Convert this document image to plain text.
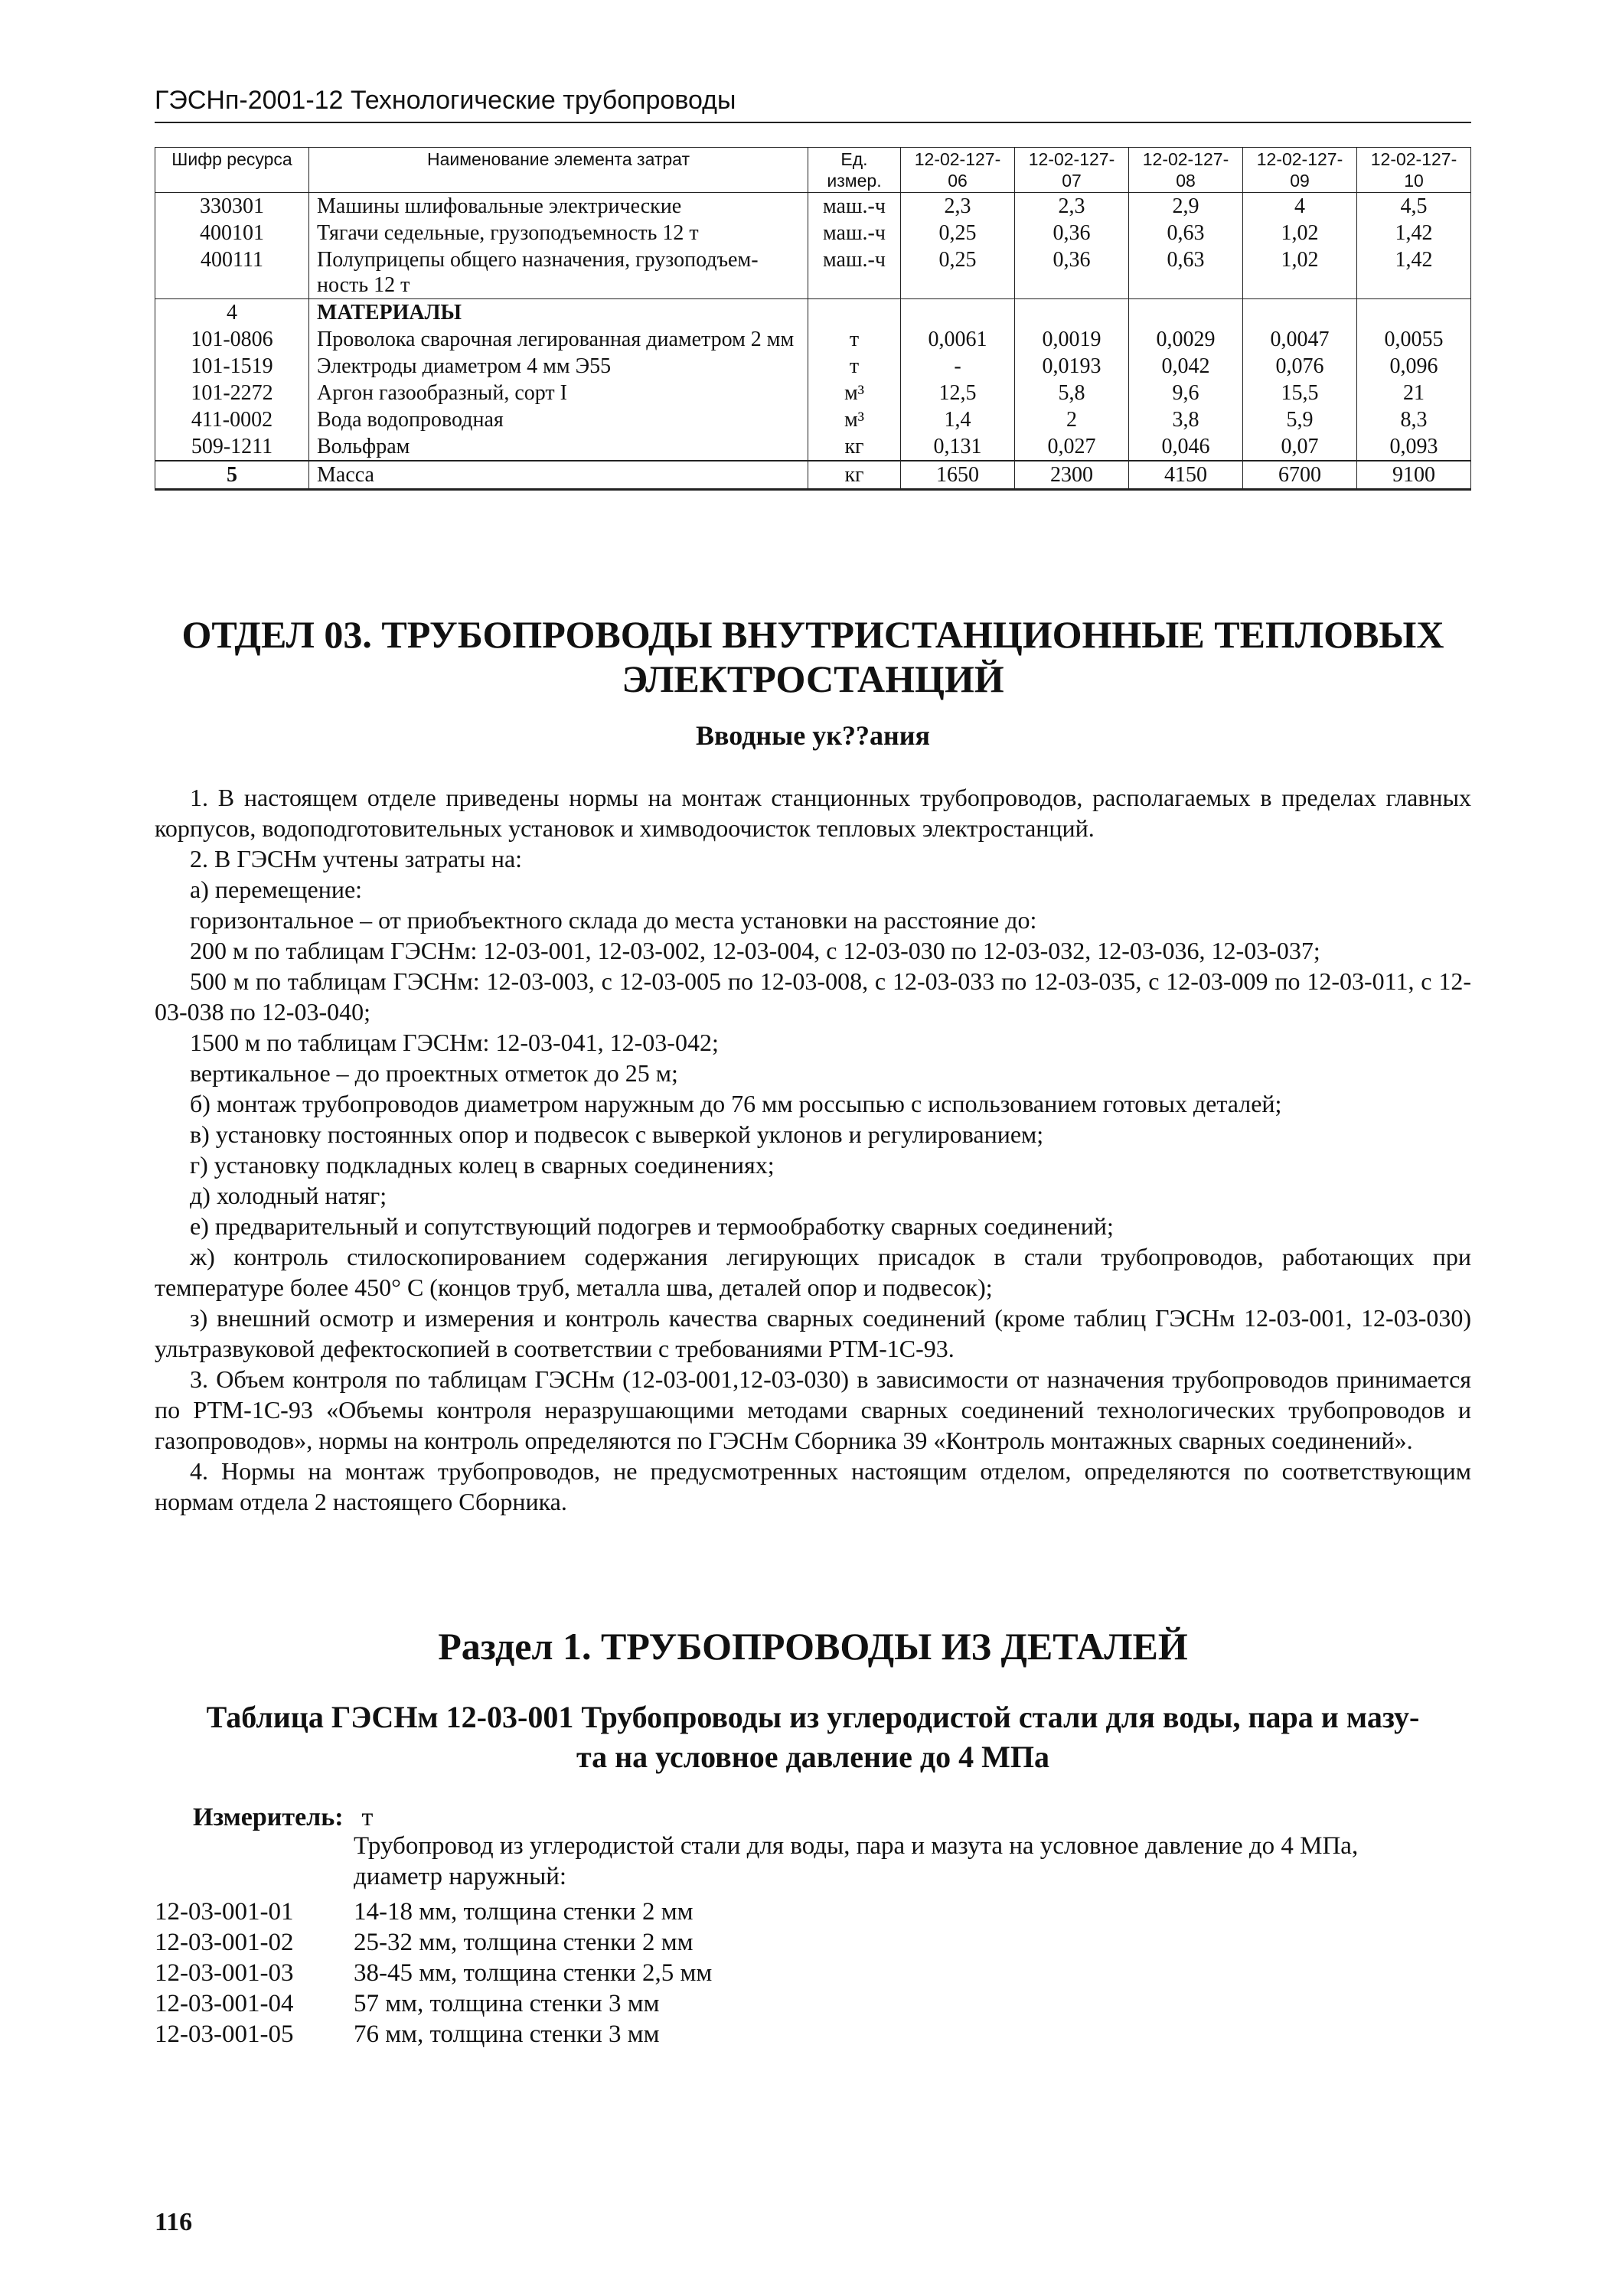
ГЭСНп-2001-12 Технологические трубопроводы
Шифр ресурса	Наименование элемента затрат	Ед. измер.	12-02-127-06	12-02-127-07	12-02-127-08	12-02-127-09	12-02-127-10
330301	Машины шлифовальные электрические	маш.-ч	2,3	2,3	2,9	4	4,5
400101	Тягачи седельные, грузоподъемность 12 т	маш.-ч	0,25	0,36	0,63	1,02	1,42
400111	Полуприцепы общего назначения, грузоподъем-ность 12 т	маш.-ч	0,25	0,36	0,63	1,02	1,42
4	МАТЕРИАЛЫ						
101-0806	Проволока сварочная легированная диаметром 2 мм	т	0,0061	0,0019	0,0029	0,0047	0,0055
101-1519	Электроды диаметром 4 мм Э55	т	-	0,0193	0,042	0,076	0,096
101-2272	Аргон газообразный, сорт I	м³	12,5	5,8	9,6	15,5	21
411-0002	Вода водопроводная	м³	1,4	2	3,8	5,9	8,3
509-1211	Вольфрам	кг	0,131	0,027	0,046	0,07	0,093
5	Масса	кг	1650	2300	4150	6700	9100
ОТДЕЛ 03. ТРУБОПРОВОДЫ ВНУТРИСТАНЦИОННЫЕ ТЕПЛОВЫХ
ЭЛЕКТРОСТАНЦИЙ
Вводные ук??ания

1. В настоящем отделе приведены нормы на монтаж станционных трубопроводов, располагаемых в пределах главных корпусов, водоподготовительных установок и химводоочисток тепловых электростанций.

2. В ГЭСНм учтены затраты на:

а) перемещение:

горизонтальное – от приобъектного склада до места установки на расстояние до:

200 м по таблицам ГЭСНм: 12-03-001, 12-03-002, 12-03-004, с 12-03-030 по 12-03-032, 12-03-036, 12-03-037;

500 м по таблицам ГЭСНм: 12-03-003, с 12-03-005 по 12-03-008, с 12-03-033 по 12-03-035, с 12-03-009 по 12-03-011, с 12-03-038 по 12-03-040;

1500 м по таблицам ГЭСНм: 12-03-041, 12-03-042;

вертикальное – до проектных отметок до 25 м;

б) монтаж трубопроводов диаметром наружным до 76 мм россыпью с использованием готовых деталей;

в) установку постоянных опор и подвесок с выверкой уклонов и регулированием;

г) установку подкладных колец в сварных соединениях;

д) холодный натяг;

е) предварительный и сопутствующий подогрев и термообработку сварных соединений;

ж) контроль стилоскопированием содержания легирующих присадок в стали трубопроводов, работающих при температуре более 450° С (концов труб, металла шва, деталей опор и подвесок);

з) внешний осмотр и измерения и контроль качества сварных соединений (кроме таблиц ГЭСНм 12-03-001, 12-03-030) ультразвуковой дефектоскопией в соответствии с требованиями РТМ-1С-93.

3. Объем контроля по таблицам ГЭСНм (12-03-001,12-03-030) в зависимости от назначения трубопроводов принимается по РТМ-1С-93 «Объемы контроля неразрушающими методами сварных соединений технологических трубопроводов и газопроводов», нормы на контроль определяются по ГЭСНм Сборника 39 «Контроль монтажных сварных соединений».

4. Нормы на монтаж трубопроводов, не предусмотренных настоящим отделом, определяются по соответствующим нормам отдела 2 настоящего Сборника.

Раздел 1. ТРУБОПРОВОДЫ ИЗ ДЕТАЛЕЙ
Таблица ГЭСНм 12-03-001 Трубопроводы из углеродистой стали для воды, пара и мазу-
та на условное давление до 4 МПа
Измеритель: т
Трубопровод из углеродистой стали для воды, пара и мазута на условное давление до 4 МПа,
диаметр наружный:
12-03-001-01	14-18 мм, толщина стенки 2 мм
12-03-001-02	25-32 мм, толщина стенки 2 мм
12-03-001-03	38-45 мм, толщина стенки 2,5 мм
12-03-001-04	57 мм, толщина стенки 3 мм
12-03-001-05	76 мм, толщина стенки 3 мм
116
